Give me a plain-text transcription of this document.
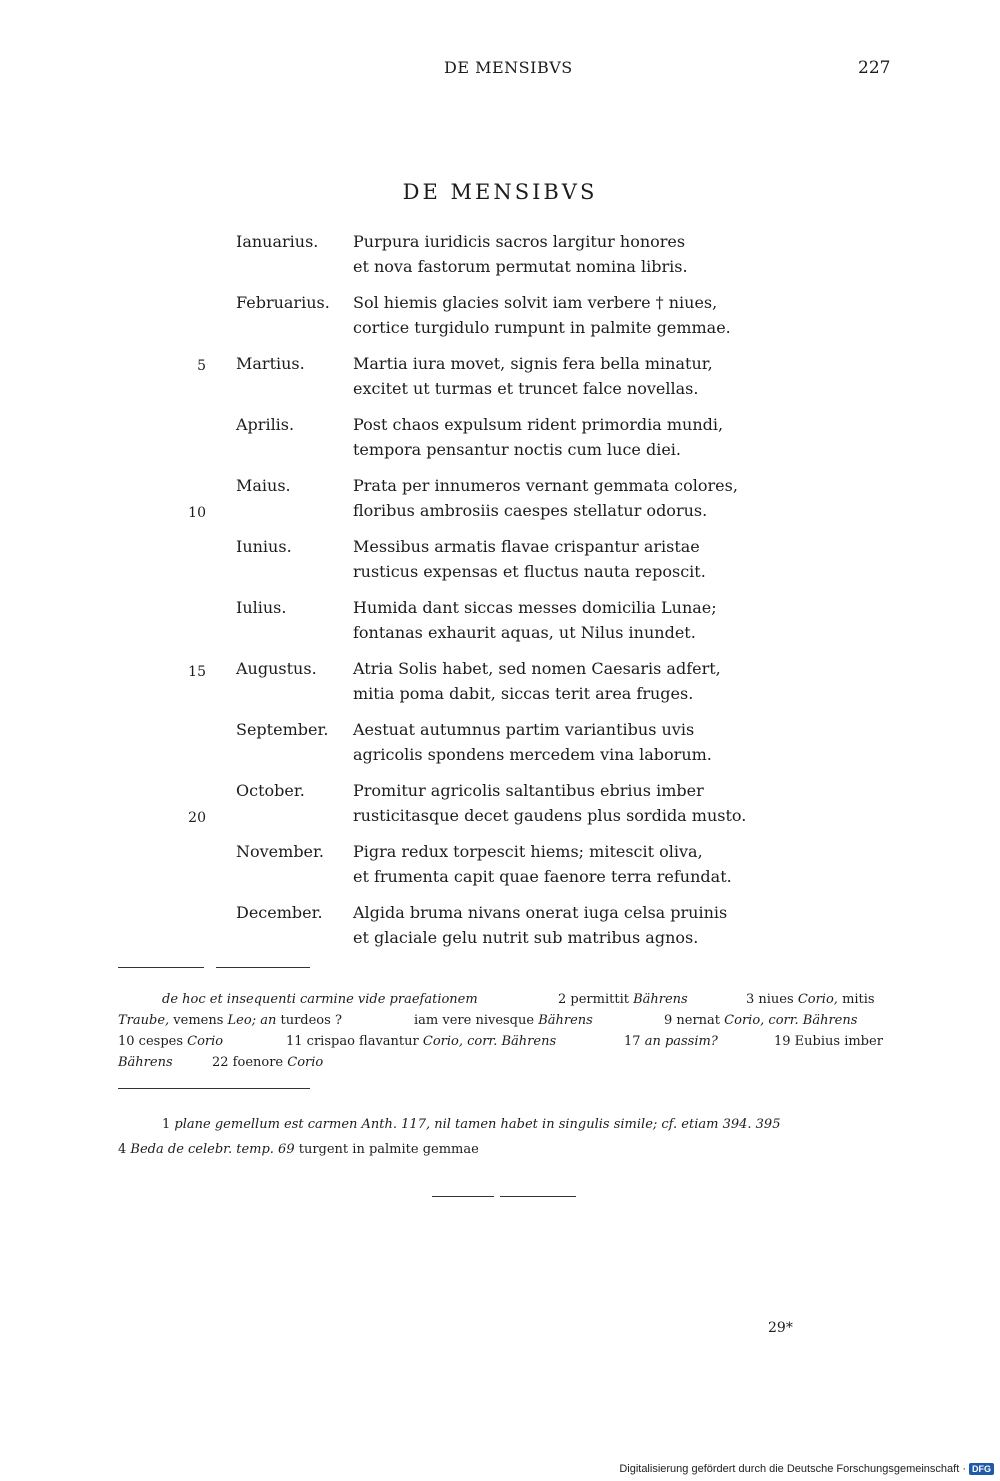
DE MENSIBVS	227
DE MENSIBVS
Ianuarius. Purpura iuridicis sacros largitur honores
et nova fastorum permutat nomina libris.
Februarius. Sol hiemis glacies solvit iam verbere † niues,
cortice turgidulo rumpunt in palmite gemmae.
Martius.	Martia iura movet, signis fera bella minatur,
excitet ut turmas et truncet falce novellas.
Aprilis.	Post chaos expulsum rident primordia mundi,
tempora pensantur noctis cum luce diei.
Maius.	Prata per innumeros vernant gemmata colores,
floribus ambrosiis caespes stellatur odorus.
Iunius.	Messibus armatis flavae crispantur aristae
rusticus expensas et fluctus nauta reposcit.
Iulius.	Humida dant siccas messes domicilia Lunae;
fontanas exhaurit aquas, ut Nilus inundet.
Augustus. Atria Solis habet, sed nomen Caesaris adfert,
mitia poma dabit, siccas terit area fruges.
September. Aestuat autumnus partim variantibus uvis
agricolis spondens mercedem vina laborum.
October.	Promitur agricolis saltantibus ebrius imber
rusticitasque decet gaudens plus sordida musto.
November. Pigra redux torpescit hiems; mitescit oliva,
et frumenta capit quae faenore terra refundat.
December. Algida bruma nivans onerat iuga celsa pruinis
et glaciale gelu nutrit sub matribus agnos.
5
10
15
20
de hoc et insequenti carmine vide praefationem	2 permittit Bährens	3 niues Corio, mitis
Traube, vemens Leo; an turdeos ?	iam vere nivesque Bährens	9 nernat Corio, corr. Bährens
10 cespes Corio	11 crispao flavantur Corio, corr. Bährens	17 an passim?	19 Eubius imber
Bährens	22 foenore Corio
1 plane gemellum est carmen Anth. 117, nil tamen habet in singulis simile; cf. etiam 394. 395
4 Beda de celebr. temp. 69 turgent in palmite gemmae
29*
Digitalisierung gefördert durch die Deutsche Forschungsgemeinschaft · DFG
